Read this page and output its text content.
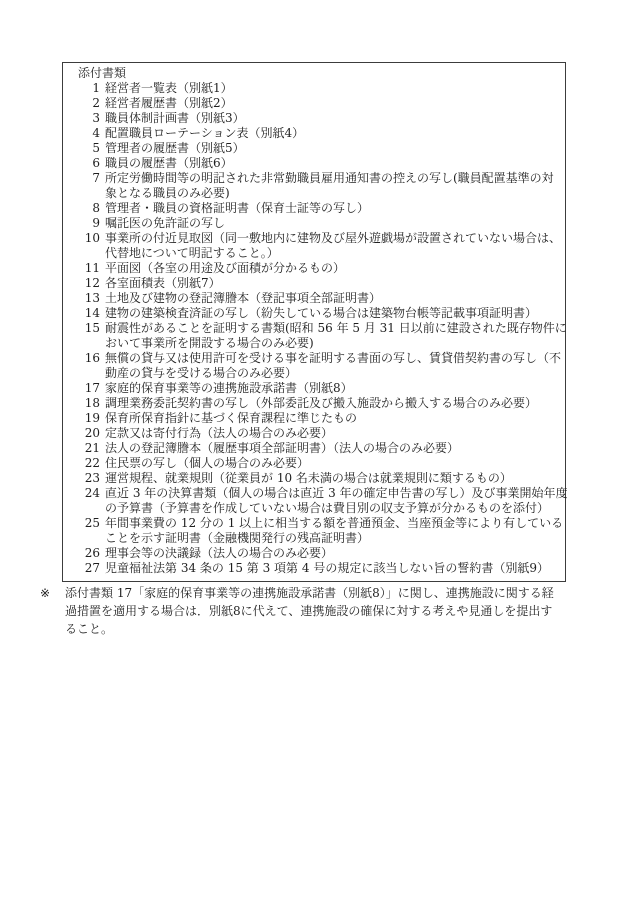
添付書類
1 経営者一覧表（別紙1）
2 経営者履歴書（別紙2）
3 職員体制計画書（別紙3）
4 配置職員ローテーション表（別紙4）
5 管理者の履歴書（別紙5）
6 職員の履歴書（別紙6）
7 所定労働時間等の明記された非常勤職員雇用通知書の控えの写し(職員配置基準の対
象となる職員のみ必要)
8 管理者・職員の資格証明書（保育士証等の写し）
9 嘱託医の免許証の写し
10 事業所の付近見取図（同一敷地内に建物及び屋外遊戯場が設置されていない場合は、
代替地について明記すること。）
11 平面図（各室の用途及び面積が分かるもの）
12 各室面積表（別紙7）
13 土地及び建物の登記簿謄本（登記事項全部証明書）
14 建物の建築検査済証の写し（紛失している場合は建築物台帳等記載事項証明書）
15 耐震性があることを証明する書類(昭和 56 年 5 月 31 日以前に建設された既存物件に
おいて事業所を開設する場合のみ必要)
16 無償の貸与又は使用許可を受ける事を証明する書面の写し、賃貸借契約書の写し（不
動産の貸与を受ける場合のみ必要）
17 家庭的保育事業等の連携施設承諾書（別紙8）
18 調理業務委託契約書の写し（外部委託及び搬入施設から搬入する場合のみ必要）
19 保育所保育指針に基づく保育課程に準じたもの
20 定款又は寄付行為（法人の場合のみ必要）
21 法人の登記簿謄本（履歴事項全部証明書）（法人の場合のみ必要）
22 住民票の写し（個人の場合のみ必要）
23 運営規程、就業規則（従業員が 10 名未満の場合は就業規則に類するもの）
24 直近 3 年の決算書類（個人の場合は直近 3 年の確定申告書の写し）及び事業開始年度
の予算書（予算書を作成していない場合は費目別の収支予算が分かるものを添付）
25 年間事業費の 12 分の 1 以上に相当する額を普通預金、当座預金等により有している
ことを示す証明書（金融機関発行の残高証明書）
26 理事会等の決議録（法人の場合のみ必要）
27 児童福祉法第 34 条の 15 第 3 項第 4 号の規定に該当しない旨の誓約書（別紙9）
※	添付書類 17「家庭的保育事業等の連携施設承諾書（別紙8）」に関し、連携施設に関する経
過措置を適用する場合は．別紙8に代えて、連携施設の確保に対する考えや見通しを提出す
ること。
